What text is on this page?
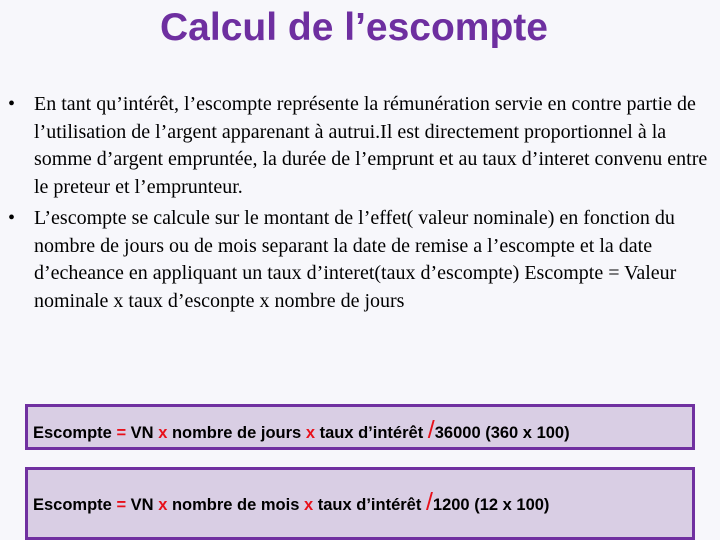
Calcul de l’escompte
• En tant qu’intérêt, l’escompte représente la rémunération servie en contre partie de l’utilisation de l’argent apparenant à autrui.Il est directement proportionnel à la somme d’argent empruntée, la durée de l’emprunt et au taux d’interet convenu entre le preteur et l’emprunteur.
• L’escompte se calcule sur le montant de l’effet( valeur nominale) en fonction du nombre de jours ou de mois separant la date de remise a l’escompte et la date d’echeance en appliquant un taux d’interet(taux d’escompte) Escompte = Valeur nominale x taux d’esconpte x nombre de jours
Escompte = VN x nombre de jours x taux d’intérêt /36000 (360 x 100)
Escompte = VN x nombre de mois x taux d’intérêt /1200 (12 x 100)
